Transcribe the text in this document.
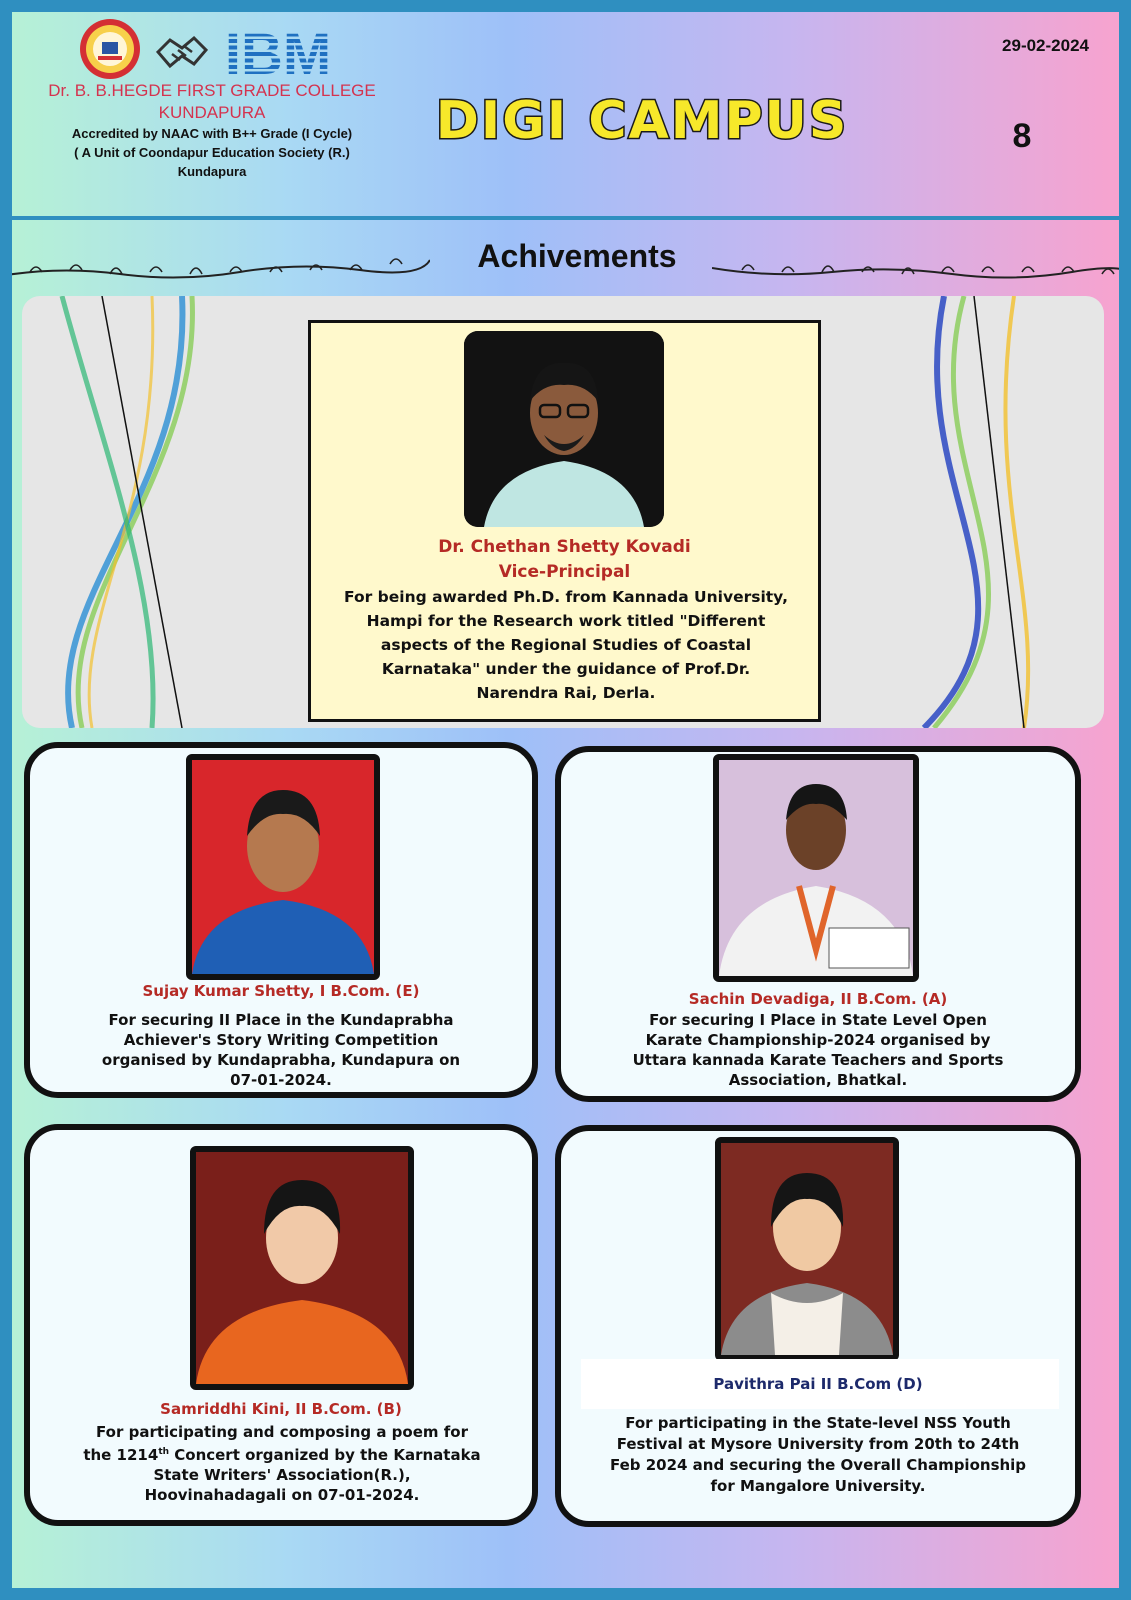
IBM
Dr. B. B.HEGDE FIRST GRADE COLLEGE KUNDAPURA
Accredited by NAAC with B++ Grade (I Cycle)
( A Unit of Coondapur Education Society (R.)
Kundapura
DIGI CAMPUS
29-02-2024
8
Achivements
Dr. Chethan Shetty Kovadi
Vice-Principal
For being awarded Ph.D. from Kannada University, Hampi for the Research work titled "Different aspects of the Regional Studies of Coastal Karnataka" under the guidance of Prof.Dr. Narendra Rai, Derla.
Sujay Kumar Shetty, I B.Com. (E)
For securing II Place in the Kundaprabha Achiever's Story Writing Competition organised by Kundaprabha, Kundapura on 07-01-2024.
Sachin Devadiga, II B.Com. (A)
For securing I Place in State Level Open Karate Championship-2024 organised by Uttara kannada Karate Teachers and Sports Association, Bhatkal.
Samriddhi Kini, II B.Com. (B)
For participating and composing a poem for the 1214th Concert organized by the Karnataka State Writers' Association(R.), Hoovinahadagali on 07-01-2024.
Pavithra Pai II B.Com (D)
For participating in the State-level NSS Youth Festival at Mysore University from 20th to 24th Feb 2024 and securing the Overall Championship for Mangalore University.
